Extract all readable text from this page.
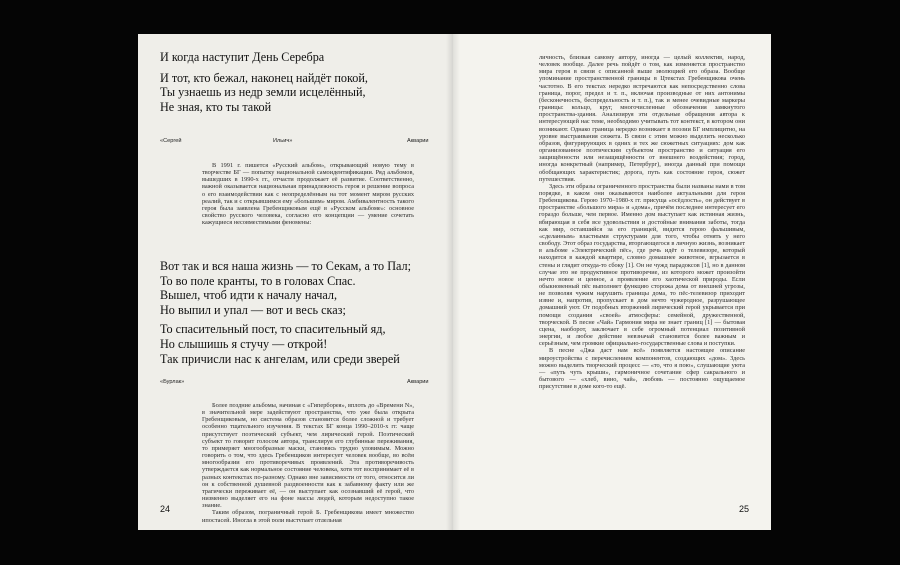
И когда наступит День Серебра
И тот, кто бежал, наконец найдёт покой,
Ты узнаешь из недр земли исцелённый,
Не зная, кто ты такой
«Сергей	Ильич»	Акварии

В 1991 г. пишется «Русский альбом», открывающий новую тему в творчестве БГ — попытку национальной самоидентификации. Ряд альбомов, вышедших в 1990-х гг., отчасти продолжает её развитие. Соответственно, важной оказывается национальная принадлежность героя и решение вопроса о его взаимодействии как с неопределённым на тот момент миром русских реалий, так и с открывшимся ему «большим» миром. Амбивалентность такого героя была заявлена Гребенщиковым ещё в «Русском альбоме»: основное свойство русского человека, согласно его концепции — умение сочетать кажущиеся несовместимыми феномены:

Вот так и вся наша жизнь — то Секам, а то Пал;
То во поле кранты, то в головах Спас.
Вышел, чтоб идти к началу начал,
Но выпил и упал — вот и весь сказ;
То спасительный пост, то спасительный яд,
Но слышишь я стучу — открой!
Так причисли нас к ангелам, или среди зверей
«Бурлак»	Акварии

Более поздние альбомы, начиная с «Гиперборея», вплоть до «Времени N», в значительной мере задействуют пространства, что уже была открыта Гребенщиковым, но система образов становится более сложной и требует особенно тщательного изучения. В текстах БГ конца 1990–2010-х гг. чаще присутствует поэтический субъект, чем лирический герой. Поэтический субъект то говорит голосом автора, транслируя его глубинные переживания, то примеряет многообразные маски, становясь трудно уловимым. Можно говорить о том, что здесь Гребенщиков интересует человек вообще, во всём многообразии его противоречивых проявлений. Эта противоречивость утверждается как нормальное состояние человека, хотя тот воспринимает её в разных контекстах по-разному. Однако вне зависимости от того, относится ли он к собственной душевной раздвоенности как к забавному факту или же трагически переживает её, — он выступает как осознавший её герой, что низменно выделяет его на фоне массы людей, которым недоступно такое знание.

Таким образом, пограничный герой Б. Гребенщикова имеет множество ипостасей. Иногда в этой роли выступает отдельная

24

личность, близкая самому автору, иногда — целый коллектив, народ, человек вообще. Далее речь пойдёт о том, как изменяется пространство мира героя в связи с описанной выше эволюцией его образа. Вообще упоминание пространственной границы в Цтекстах Гребенщикова очень частотно. В его текстах нередко встречаются как непосредственно слова граница, порог, предел и т. п., включая производные от них антонимы (бесконечность, беспредельность и т. п.), так и менее очевидные маркеры границы: кольцо, круг, многочисленные обозначения замкнутого пространства-здания. Анализируя эти отдельные обращения автора к интересующей нас теме, необходимо учитывать тот контекст, в котором они возникают. Однако граница нередко возникает в поэзии БГ имплицитно, на уровне выстраивания сюжета. В связи с этим можно выделить несколько образов, фигурирующих в одних и тех же сюжетных ситуациях: дом как организованное поэтическим субъектом пространство и ситуация его защищённости или незащищённости от внешнего воздействия; город, иногда конкретный (например, Петербург), иногда данный при помощи обобщающих характеристик; дорога, путь как состояние героя, сюжет путешествия.

Здесь эти образы ограниченного пространства были названы нами в том порядке, в каком они оказываются наиболее актуальными для героя Гребенщикова. Герою 1970–1980-х гг. присуща «осёдлость», он действует в пространстве «большого мира» и «дома», причём последнее интересует его гораздо больше, чем первое. Именно дом выступает как истинная жизнь, вбирающая в себя все удовольствия и достойные внимания заботы, тогда как мир, оставшийся за его границей, видится герою фальшивым, «сделанным» властными структурами для того, чтобы отнять у него свободу. Этот образ государства, вторгающегося в личную жизнь, возникает в альбоме «Электрический пёс», где речь идёт о телевизоре, который находится в каждой квартире, словно домашнее животное, вгрызается в стены и глядит откуда-то сбоку [1]. Он не чужд парадоксов [1], но в данном случае это не продуктивное противоречие, из которого может произойти нечто новое и ценное, а проявление его хаотической природы. Если обыкновенный пёс выполняет функцию сторожа дома от внешней угрозы, не позволяя чужим нарушить границы дома, то пёс-телевизор приходит извне и, напротив, пропускает в дом нечто чужеродное, разрушающее домашний уют. От подобных вторжений лирический герой укрывается при помощи создания «своей» атмосферы: семейной, дружественной, творческой. В песне «Чай» Гармония мира не знает границ [1] — бытовая сцена, наоборот, заключает в себе огромный потенциал позитивной энергии, и любое действие невзначай становится более важным и серьёзным, чем громкие официально-государственные слова и поступки.

В песне «Джа даст нам всё» появляется настоящее описание мироустройства с перечислением компонентов, создающих «дом». Здесь можно выделить творческий процесс — «то, что я пою», слушающие уюта — «путь чуть крыши», гармоничное сочетание сфер сакрального и бытового — «хлеб, вино, чай», любовь — постоянно ощущаемое присутствие в доме кого-то ещё.

25
